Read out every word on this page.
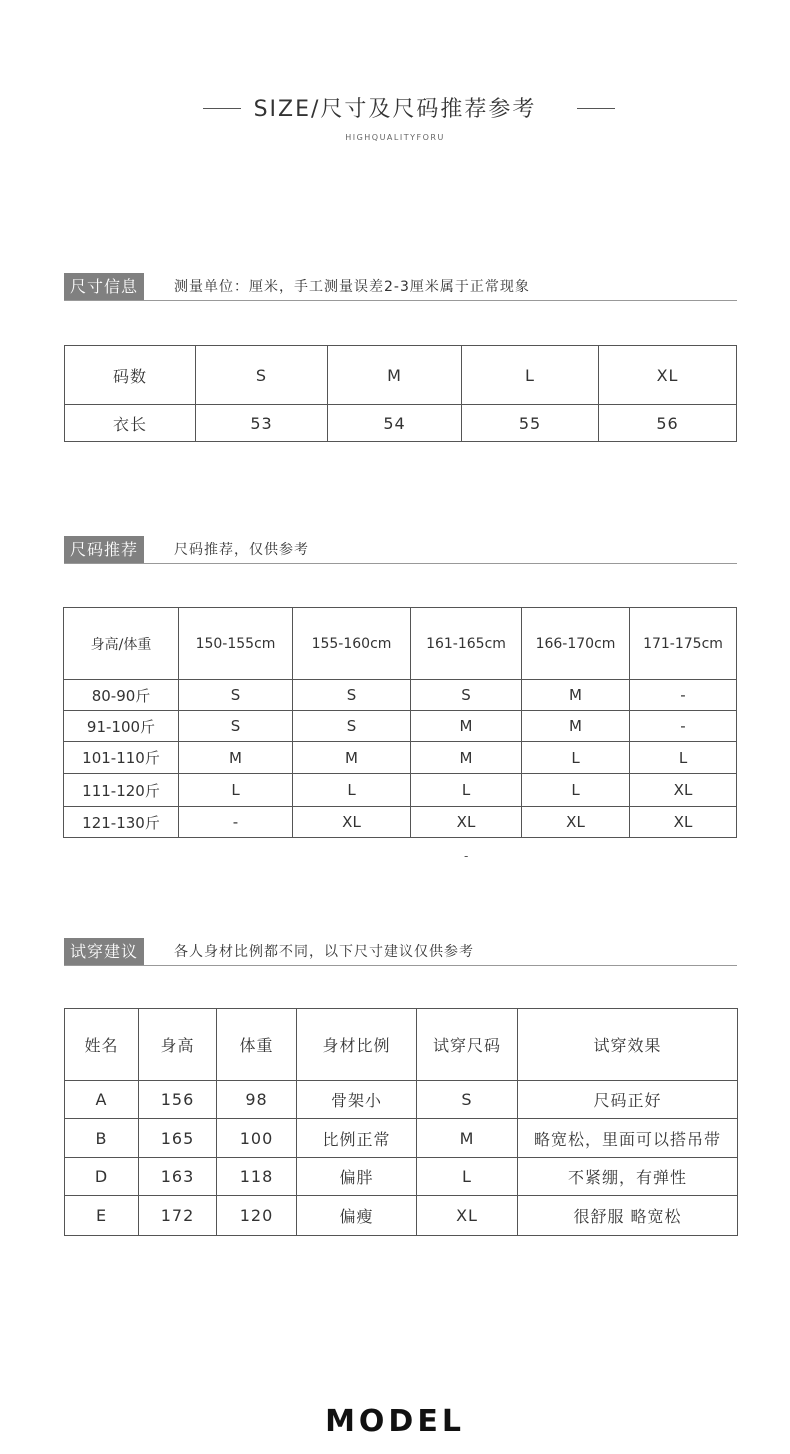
SIZE/尺寸及尺码推荐参考
HIGHQUALITYFORU
尺寸信息	测量单位：厘米，手工测量误差2-3厘米属于正常现象
码数	S	M	L	XL
衣长	53	54	55	56
尺码推荐	尺码推荐，仅供参考
身高/体重	150-155cm	155-160cm	161-165cm	166-170cm	171-175cm
80-90斤	S	S	S	M	-
91-100斤	S	S	M	M	-
101-110斤	M	M	M	L	L
111-120斤	L	L	L	L	XL
121-130斤	-	XL	XL	XL	XL
-
试穿建议	各人身材比例都不同，以下尺寸建议仅供参考
姓名	身高	体重	身材比例	试穿尺码	试穿效果
A	156	98	骨架小	S	尺码正好
B	165	100	比例正常	M	略宽松，里面可以搭吊带
D	163	118	偏胖	L	不紧绷，有弹性
E	172	120	偏瘦	XL	很舒服 略宽松
MODEL
